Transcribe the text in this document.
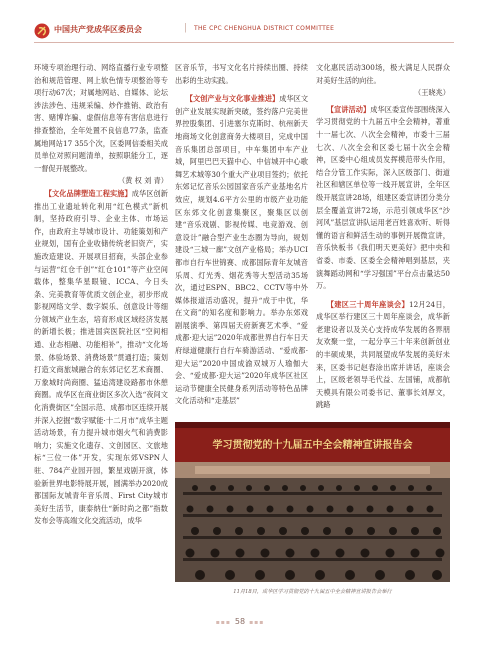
中国共产党成华区委员会	| THE CPC CHENGHUA DISTRICT COMMITTEE

环境专项治理行动、网络直播行业专项整治和规范管理、网上软色情专项整治等专项行动67次；对属地网站、自媒体、论坛涉法涉色、违规采编、炒作推销、政治有害、赌博诈骗、虚假信息等有害信息进行排查整治，全年处置不良信息77条，监查属地网站17 355个次，区委网信委相关成员单位对照问题清单，按照职能分工，逐一督促开展整改。

（黄 权 刘 青）

【文化品牌塑造工程实施】成华区创新推出工业遗址转化利用“红色模式”新机制，坚持政府引导、企业主体、市场运作，由政府主导城市设计、功能策划和产业规划，国有企业收储传统老旧资产，实施改造建设、开展项目招商，头部企业参与运营“红仓千创”“红仓101”等产业空间载体，整集华星眼镜、ICCA、今日头条、完美教育等优质文创企业，初步形成影视网络文学、数字娱乐、创意设计等细分领域产业生态，培育形成区域经济发展的新增长极；推进国宾医院社区“空间相通、业态相融、功能相补”，推动“文化场景、体验场景、消费场景”贯通打造；策划打造文商旅城融合的东郊记忆艺术商圈、万象城时尚商圈、猛追湾建设路都市休憩商圈。成华区在商业街区多次入选“夜间文化消费街区”全国示范、成都市区连续开展并深入挖掘“数字赋能·十二月市”成华主题活动场景，有力提升城市烟火气和消费影响力；实施文化遗存、文创园区、文旅地标“三位一体”开发，实现东郊VSPN人驻、784产业园开园，繁星戏剧开演，体验新世界电影特展开展，圆满举办2020成都国际友城青年音乐周、First City城市美好生活节，康泰纳仕“新时尚之都”指数发布会等高端文化交流活动，成华

区音乐节，书写文化名片持续出圈、持续出彩的生动实践。

【文创产业与文化事业推进】成华区文创产业发展实现新突破，签约落户完美世界控股集团、引进塞尔克斯时、杭州新天地商场文化创意商务大楼项目，完成中国音乐集团总部项目，中车集团中车产业城，阿里巴巴天猫中心、中信城开中心歌舞艺术城等30个重大产业项目签约；依托东郊记忆音乐公园国家音乐产业基地名片效应，规划4.6平方公里的市级产业功能区东郊文化创意集聚区，聚集区以创建“音乐戏剧、影视传媒、电竞游戏、创意设计”融合型产业生态圈为导向，规划建设“三城一廊”文创产业格局；举办UCI都市自行车世锦赛、成都国际青年友城音乐周、灯光秀、烟花秀等大型活动35场次，通过ESPN、BBC2、CCTV等中外媒体报道活动盛况，提升“成于中优，华在文商”的知名度和影响力。举办东郊戏剧展演季、第四届天府新赛艺术季、“爱成都·迎大运”2020年成都世界自行车日天府绿道健康行自行车骑游活动、“爱成都·迎大运”2020中国成渝双城万人瑜伽大会、“爱成都·迎大运”2020年成华区社区运动节健康全民健身系列活动等特色品牌文化活动和“走基层”

文化惠民活动300场，极大满足人民群众对美好生活的向往。

（王晓兆）

【宣讲活动】成华区委宣传部围绕深入学习贯彻党的十九届五中全会精神，著重十一届七次、八次全会精神，市委十三届七次、八次全会和区委七届十次全会精神，区委中心组成员发挥模范带头作用，结合分管工作实际，深入区级部门、街道社区和辖区单位等一线开展宣讲，全年区级开展宣讲28场，组建区委宣讲团分类分层全覆盖宣讲72场，示范引领成华区“沙河风”基层宣讲队运用老百姓喜欢听、听得懂的语言和鲜活生动的事例开展微宣讲，音乐快板书《我们明天更美好》把中央和省委、市委、区委全会精神唱到基层，夹演舞蹈动网和“学习强国”平台点击量达50万。

【建区三十周年座谈会】12月24日，成华区举行建区三十周年座谈会，成华新老建设者以及关心支持成华发展的各界朋友欢聚一堂，一起分享三十年来创新创业的丰硕成果，共同展望成华发展的美好未来，区委书记赵春涂出席并讲话，座谈会上，区级老领导毛代益、左国铺，成都航天模具有限公司委书记、董事长刘厚文，跳路

学习贯彻党的十九届五中全会精神宣讲报告会
11月18日，成华区学习贯彻党的十九届五中全会精神宣讲报告会举行
▪▪▪ 58 ▪▪▪
